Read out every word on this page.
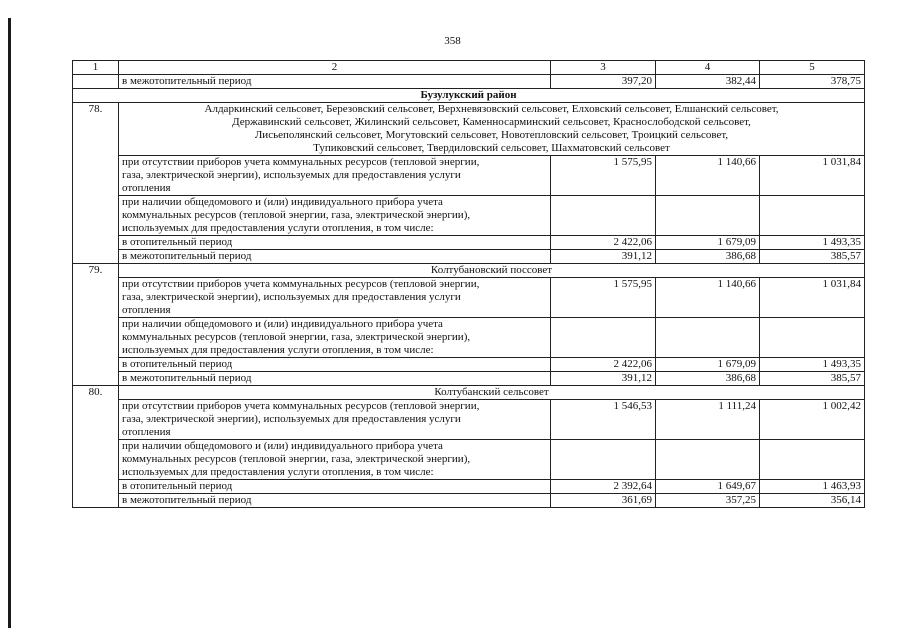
358
1	2	3	4	5
	в межотопительный период	397,20	382,44	378,75
Бузулукский район				
78.	Алдаркинский сельсовет, Березовский сельсовет, Верхневязовский сельсовет, Елховский сельсовет, Елшанский сельсовет,
Державинский сельсовет, Жилинский сельсовет, Каменносарминский сельсовет, Краснослободской сельсовет,
Лисьеполянский сельсовет, Могутовский сельсовет, Новотепловский сельсовет, Троицкий сельсовет,
Тупиковский сельсовет, Твердиловский сельсовет, Шахматовский сельсовет			

	при отсутствии приборов учета коммунальных ресурсов (тепловой энергии,
газа, электрической энергии), используемых для предоставления услуги
отопления	1 575,95	1 140,66	1 031,84

	при наличии общедомового и (или) индивидуального прибора учета
коммунальных ресурсов (тепловой энергии, газа, электрической энергии),
используемых для предоставления услуги отопления, в том числе:			

	в отопительный период	2 422,06	1 679,09	1 493,35

	в межотопительный период	391,12	386,68	385,57
79.	Колтубановский поссовет			

	при отсутствии приборов учета коммунальных ресурсов (тепловой энергии,
газа, электрической энергии), используемых для предоставления услуги
отопления	1 575,95	1 140,66	1 031,84

	при наличии общедомового и (или) индивидуального прибора учета
коммунальных ресурсов (тепловой энергии, газа, электрической энергии),
используемых для предоставления услуги отопления, в том числе:			

	в отопительный период	2 422,06	1 679,09	1 493,35

	в межотопительный период	391,12	386,68	385,57
80.	Колтубанский сельсовет			

	при отсутствии приборов учета коммунальных ресурсов (тепловой энергии,
газа, электрической энергии), используемых для предоставления услуги
отопления	1 546,53	1 111,24	1 002,42

	при наличии общедомового и (или) индивидуального прибора учета
коммунальных ресурсов (тепловой энергии, газа, электрической энергии),
используемых для предоставления услуги отопления, в том числе:			

	в отопительный период	2 392,64	1 649,67	1 463,93

	в межотопительный период	361,69	357,25	356,14
